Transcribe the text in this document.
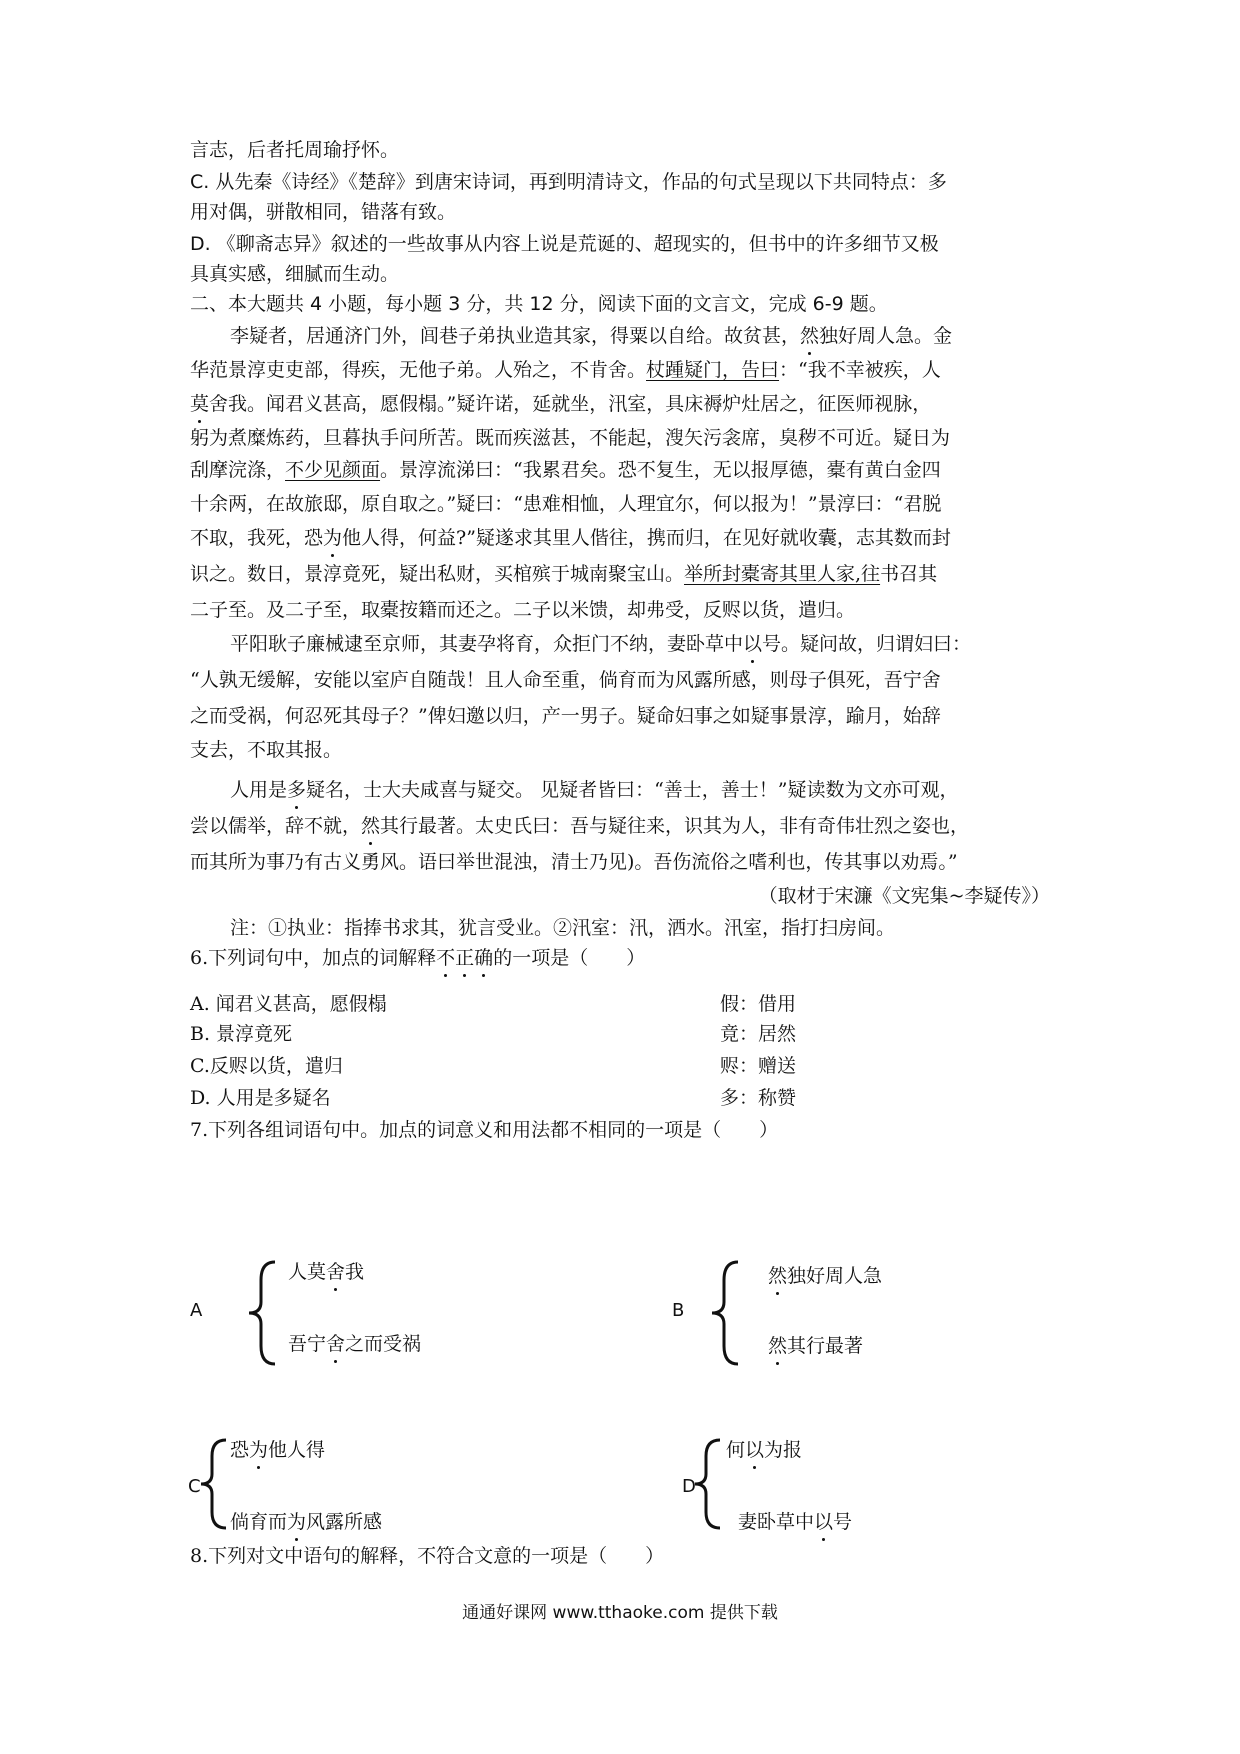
言志，后者托周瑜抒怀。
C. 从先秦《诗经》《楚辞》到唐宋诗词，再到明清诗文，作品的句式呈现以下共同特点：多
用对偶，骈散相同，错落有致。
D. 《聊斋志异》叙述的一些故事从内容上说是荒诞的、超现实的，但书中的许多细节又极
具真实感，细腻而生动。
二、本大题共 4 小题，每小题 3 分，共 12 分，阅读下面的文言文，完成 6-9 题。
李疑者，居通济门外，闾巷子弟执业造其家，得粟以自给。故贫甚，然独好周人急。金
华范景淳吏吏部，得疾，无他子弟。人殆之，不肯舍。杖踵疑门，告曰：“我不幸被疾，人
莫舍我。闻君义甚高，愿假榻。”疑许诺，延就坐，汛室，具床褥炉灶居之，征医师视脉，
躬为煮糜炼药，旦暮执手问所苦。既而疾滋甚，不能起，溲矢污衾席，臭秽不可近。疑日为
刮摩浣涤，不少见颜面。景淳流涕曰：“我累君矣。恐不复生，无以报厚德，橐有黄白金四
十余两，在故旅邸，原自取之。”疑曰：“患难相恤，人理宜尔，何以报为！”景淳曰：“君脱
不取，我死，恐为他人得，何益?”疑遂求其里人偕往，携而归，在见好就收囊，志其数而封
识之。数日，景淳竟死，疑出私财，买棺殡于城南聚宝山。举所封橐寄其里人家,往书召其
二子至。及二子至，取橐按籍而还之。二子以米馈，却弗受，反赆以货，遣归。
平阳耿子廉械逮至京师，其妻孕将育，众拒门不纳，妻卧草中以号。疑问故，归谓妇曰：
“人孰无缓解，安能以室庐自随哉！且人命至重，倘育而为风露所感，则母子俱死，吾宁舍
之而受祸，何忍死其母子？”俾妇邀以归，产一男子。疑命妇事之如疑事景淳，踰月，始辞
支去，不取其报。
人用是多疑名，士大夫咸喜与疑交。 见疑者皆曰：“善士，善士！”疑读数为文亦可观，
尝以儒举，辞不就，然其行最著。太史氏曰：吾与疑往来，识其为人，非有奇伟壮烈之姿也，
而其所为事乃有古义勇风。语曰举世混浊，清士乃见)。吾伤流俗之嗜利也，传其事以劝焉。”
（取材于宋濂《文宪集~李疑传》）
注：①执业：指捧书求其，犹言受业。②汛室：汛，洒水。汛室，指打扫房间。
6.下列词句中，加点的词解释不正确的一项是（　　）
A. 闻君义甚高，愿假榻	假：借用
B. 景淳竟死	竟：居然
C.反赆以货，遣归	赆：赠送
D. 人用是多疑名	多：称赞
7.下列各组词语句中。加点的词意义和用法都不相同的一项是（　　）
A
人莫舍我
吾宁舍之而受祸
B
然独好周人急
然其行最著
C
恐为他人得
倘育而为风露所感
D
何以为报
妻卧草中以号
8.下列对文中语句的解释，不符合文意的一项是（　　）
通通好课网 www.tthaoke.com 提供下载
